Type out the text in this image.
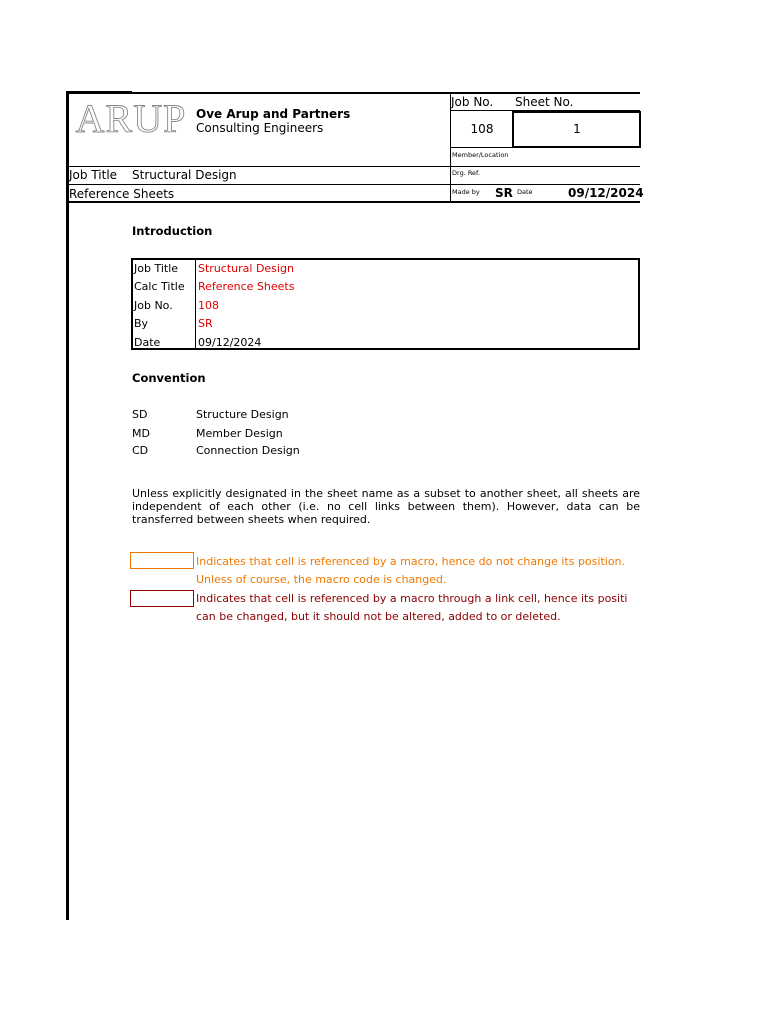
ARUP Ove Arup and Partners
Consulting Engineers
Job No. Sheet No.
108	1
Member/Location
Drg. Ref.
Job Title Structural Design
Reference Sheets	Made by SR Date	09/12/2024
Introduction
Job Title	Structural Design
Calc Title	Reference Sheets
Job No.	108
By	SR
Date	09/12/2024
Convention
SD	Structure Design
MD	Member Design
CD	Connection Design
Unless explicitly designated in the sheet name as a subset to another sheet, all sheets are independent of each other (i.e. no cell links between them). However, data can be transferred between sheets when required.
Indicates that cell is referenced by a macro, hence do not change its position.
Unless of course, the macro code is changed.
Indicates that cell is referenced by a macro through a link cell, hence its positi
can be changed, but it should not be altered, added to or deleted.
